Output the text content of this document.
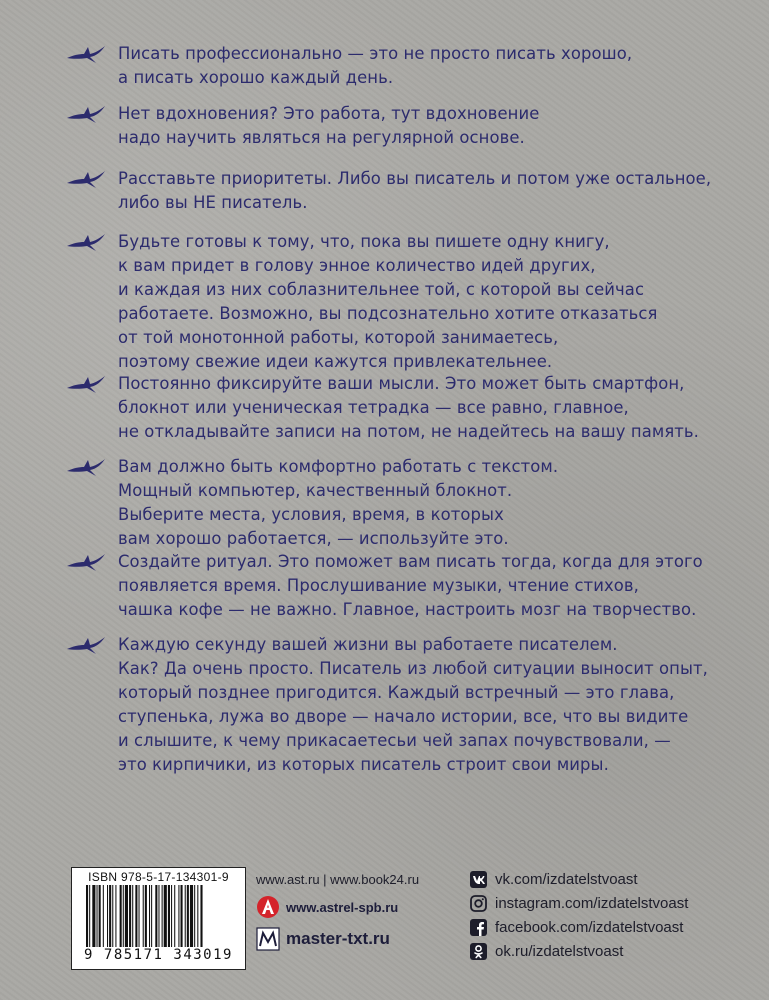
Писать профессионально — это не просто писать хорошо,
а писать хорошо каждый день.

Нет вдохновения? Это работа, тут вдохновение
надо научить являться на регулярной основе.

Расставьте приоритеты. Либо вы писатель и потом уже остальное,
либо вы НЕ писатель.

Будьте готовы к тому, что, пока вы пишете одну книгу,
к вам придет в голову энное количество идей других,
и каждая из них соблазнительнее той, с которой вы сейчас
работаете. Возможно, вы подсознательно хотите отказаться
от той монотонной работы, которой занимаетесь,
поэтому свежие идеи кажутся привлекательнее.

Постоянно фиксируйте ваши мысли. Это может быть смартфон,
блокнот или ученическая тетрадка — все равно, главное,
не откладывайте записи на потом, не надейтесь на вашу память.

Вам должно быть комфортно работать с текстом.
Мощный компьютер, качественный блокнот.
Выберите места, условия, время, в которых
вам хорошо работается, — используйте это.

Создайте ритуал. Это поможет вам писать тогда, когда для этого
появляется время. Прослушивание музыки, чтение стихов,
чашка кофе — не важно. Главное, настроить мозг на творчество.

Каждую секунду вашей жизни вы работаете писателем.
Как? Да очень просто. Писатель из любой ситуации выносит опыт,
который позднее пригодится. Каждый встречный — это глава,
ступенька, лужа во дворе — начало истории, все, что вы видите
и слышите, к чему прикасаетесьи чей запах почувствовали, —
это кирпичики, из которых писатель строит свои миры.

ISBN 978-5-17-134301-9
9 785171 343019
www.ast.ru | www.book24.ru
www.astrel-spb.ru
master-txt.ru
vk.com/izdatelstvoast
instagram.com/izdatelstvoast
facebook.com/izdatelstvoast
ok.ru/izdatelstvoast
